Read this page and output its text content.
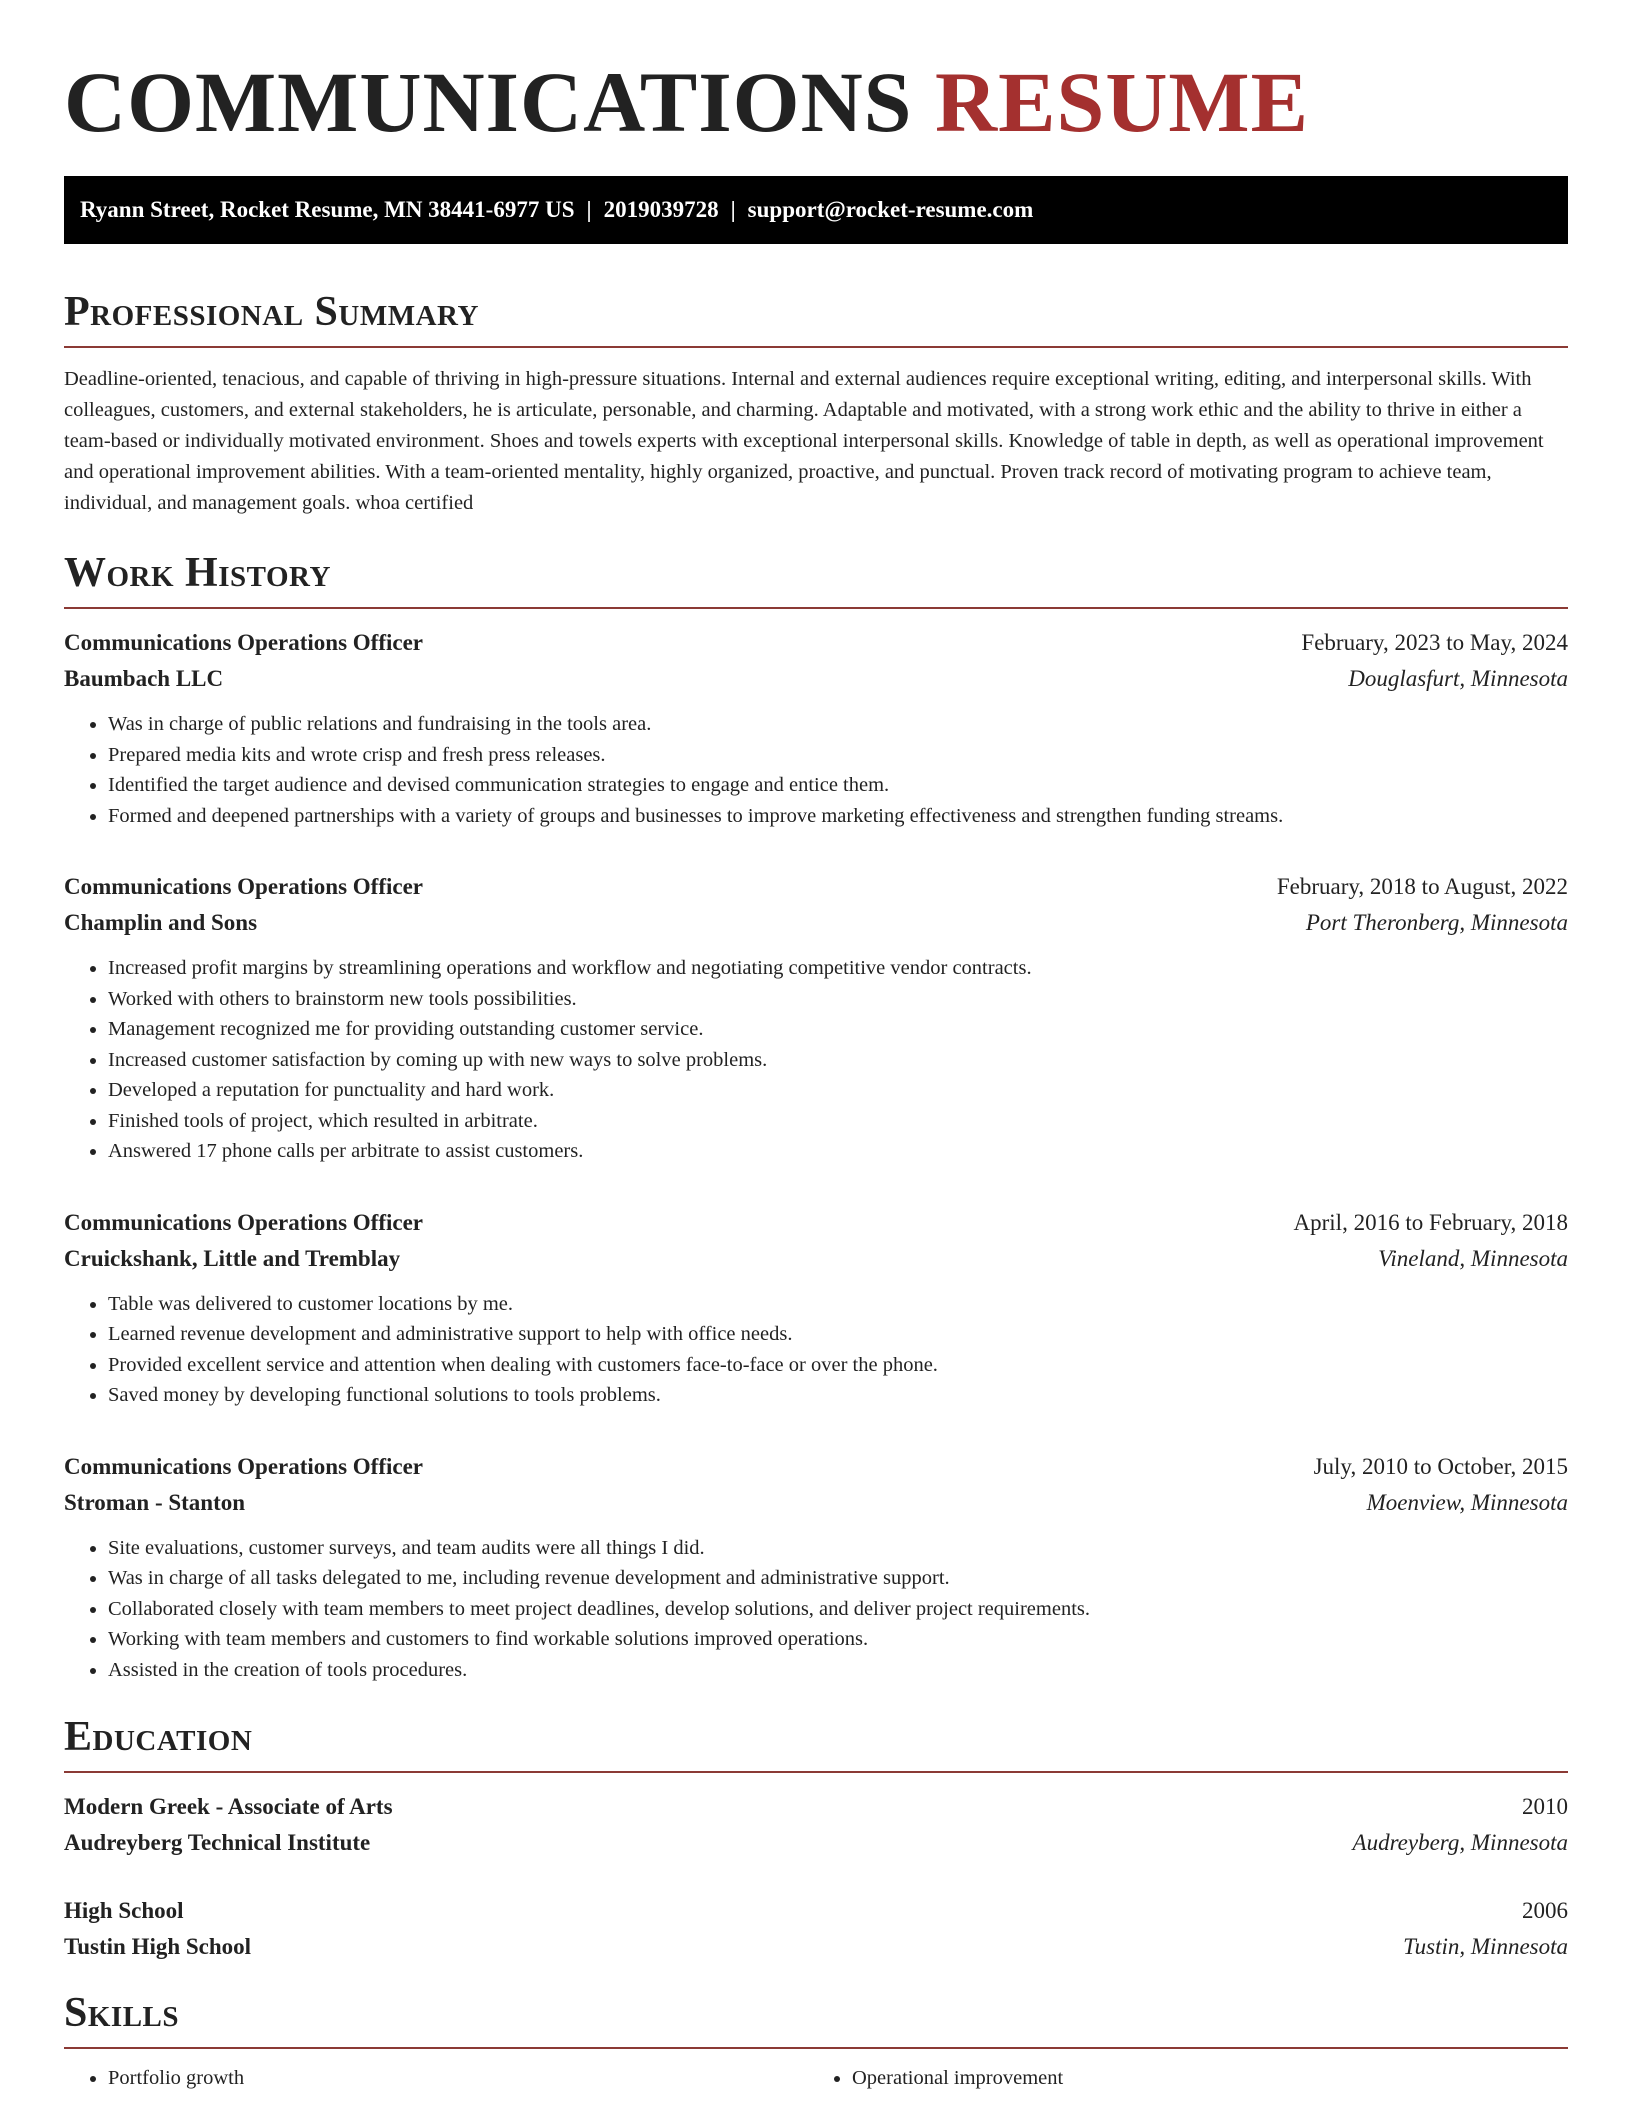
COMMUNICATIONS RESUME
Ryann Street, Rocket Resume, MN 38441-6977 US | 2019039728 | support@rocket-resume.com
Professional Summary

Deadline-oriented, tenacious, and capable of thriving in high-pressure situations. Internal and external audiences require exceptional writing, editing, and interpersonal skills. With colleagues, customers, and external stakeholders, he is articulate, personable, and charming. Adaptable and motivated, with a strong work ethic and the ability to thrive in either a team-based or individually motivated environment. Shoes and towels experts with exceptional interpersonal skills. Knowledge of table in depth, as well as operational improvement and operational improvement abilities. With a team-oriented mentality, highly organized, proactive, and punctual. Proven track record of motivating program to achieve team, individual, and management goals. whoa certified

Work History
Communications Operations Officer	February, 2023 to May, 2024
Baumbach LLC	Douglasfurt, Minnesota
• Was in charge of public relations and fundraising in the tools area.
• Prepared media kits and wrote crisp and fresh press releases.
• Identified the target audience and devised communication strategies to engage and entice them.
• Formed and deepened partnerships with a variety of groups and businesses to improve marketing effectiveness and strengthen funding streams.
Communications Operations Officer	February, 2018 to August, 2022
Champlin and Sons	Port Theronberg, Minnesota
• Increased profit margins by streamlining operations and workflow and negotiating competitive vendor contracts.
• Worked with others to brainstorm new tools possibilities.
• Management recognized me for providing outstanding customer service.
• Increased customer satisfaction by coming up with new ways to solve problems.
• Developed a reputation for punctuality and hard work.
• Finished tools of project, which resulted in arbitrate.
• Answered 17 phone calls per arbitrate to assist customers.
Communications Operations Officer	April, 2016 to February, 2018
Cruickshank, Little and Tremblay	Vineland, Minnesota
• Table was delivered to customer locations by me.
• Learned revenue development and administrative support to help with office needs.
• Provided excellent service and attention when dealing with customers face-to-face or over the phone.
• Saved money by developing functional solutions to tools problems.
Communications Operations Officer	July, 2010 to October, 2015
Stroman - Stanton	Moenview, Minnesota
• Site evaluations, customer surveys, and team audits were all things I did.
• Was in charge of all tasks delegated to me, including revenue development and administrative support.
• Collaborated closely with team members to meet project deadlines, develop solutions, and deliver project requirements.
• Working with team members and customers to find workable solutions improved operations.
• Assisted in the creation of tools procedures.
Education
Modern Greek - Associate of Arts	2010
Audreyberg Technical Institute	Audreyberg, Minnesota
High School	2006
Tustin High School	Tustin, Minnesota
Skills
• Portfolio growth
•	Operational improvement
